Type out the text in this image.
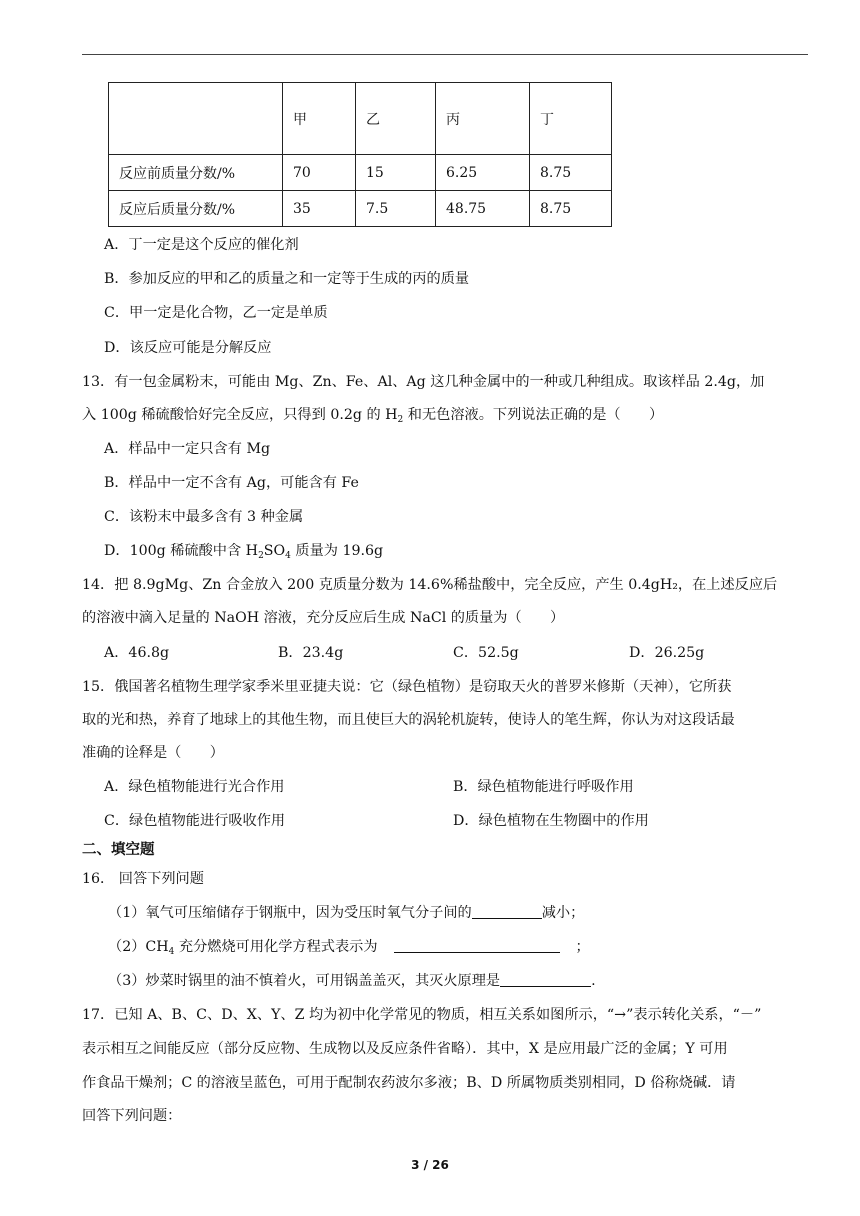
	甲	乙	丙	丁
反应前质量分数/%	70	15	6.25	8.75
反应后质量分数/%	35	7.5	48.75	8.75
A．丁一定是这个反应的催化剂
B．参加反应的甲和乙的质量之和一定等于生成的丙的质量
C．甲一定是化合物，乙一定是单质
D．该反应可能是分解反应
13．有一包金属粉末，可能由 Mg、Zn、Fe、Al、Ag 这几种金属中的一种或几种组成。取该样品 2.4g，加
入 100g 稀硫酸恰好完全反应，只得到 0.2g 的 $H_2$ 和无色溶液。下列说法正确的是（　　）
A．样品中一定只含有 Mg
B．样品中一定不含有 Ag，可能含有 Fe
C．该粉末中最多含有 3 种金属
D．100g 稀硫酸中含 $H_2SO_4$ 质量为 19.6g
14．把 8.9gMg、Zn 合金放入 200 克质量分数为 14.6%稀盐酸中，完全反应，产生 0.4gH₂，在上述反应后
的溶液中滴入足量的 NaOH 溶液，充分反应后生成 NaCl 的质量为（　　）
A．46.8g	B．23.4g	C．52.5g	D．26.25g
15．俄国著名植物生理学家季米里亚捷夫说：它（绿色植物）是窃取天火的普罗米修斯（天神），它所获
取的光和热，养育了地球上的其他生物，而且使巨大的涡轮机旋转，使诗人的笔生辉，你认为对这段话最
准确的诠释是（　　）
A．绿色植物能进行光合作用	B．绿色植物能进行呼吸作用
C．绿色植物能进行吸收作用	D．绿色植物在生物圈中的作用
二、填空题
16． 回答下列问题
（1）氧气可压缩储存于钢瓶中，因为受压时氧气分子间的	减小；
$(2)CH_4$ 充分燃烧可用化学方程式表示为	；
（3）炒菜时锅里的油不慎着火，可用锅盖盖灭，其灭火原理是	.
17．已知 A、B、C、D、X、Y、Z 均为初中化学常见的物质，相互关系如图所示，“→”表示转化关系，“－”
表示相互之间能反应（部分反应物、生成物以及反应条件省略）．其中，X 是应用最广泛的金属；Y 可用
作食品干燥剂；C 的溶液呈蓝色，可用于配制农药波尔多液；B、D 所属物质类别相同，D 俗称烧碱．请
回答下列问题：
3 / 26
